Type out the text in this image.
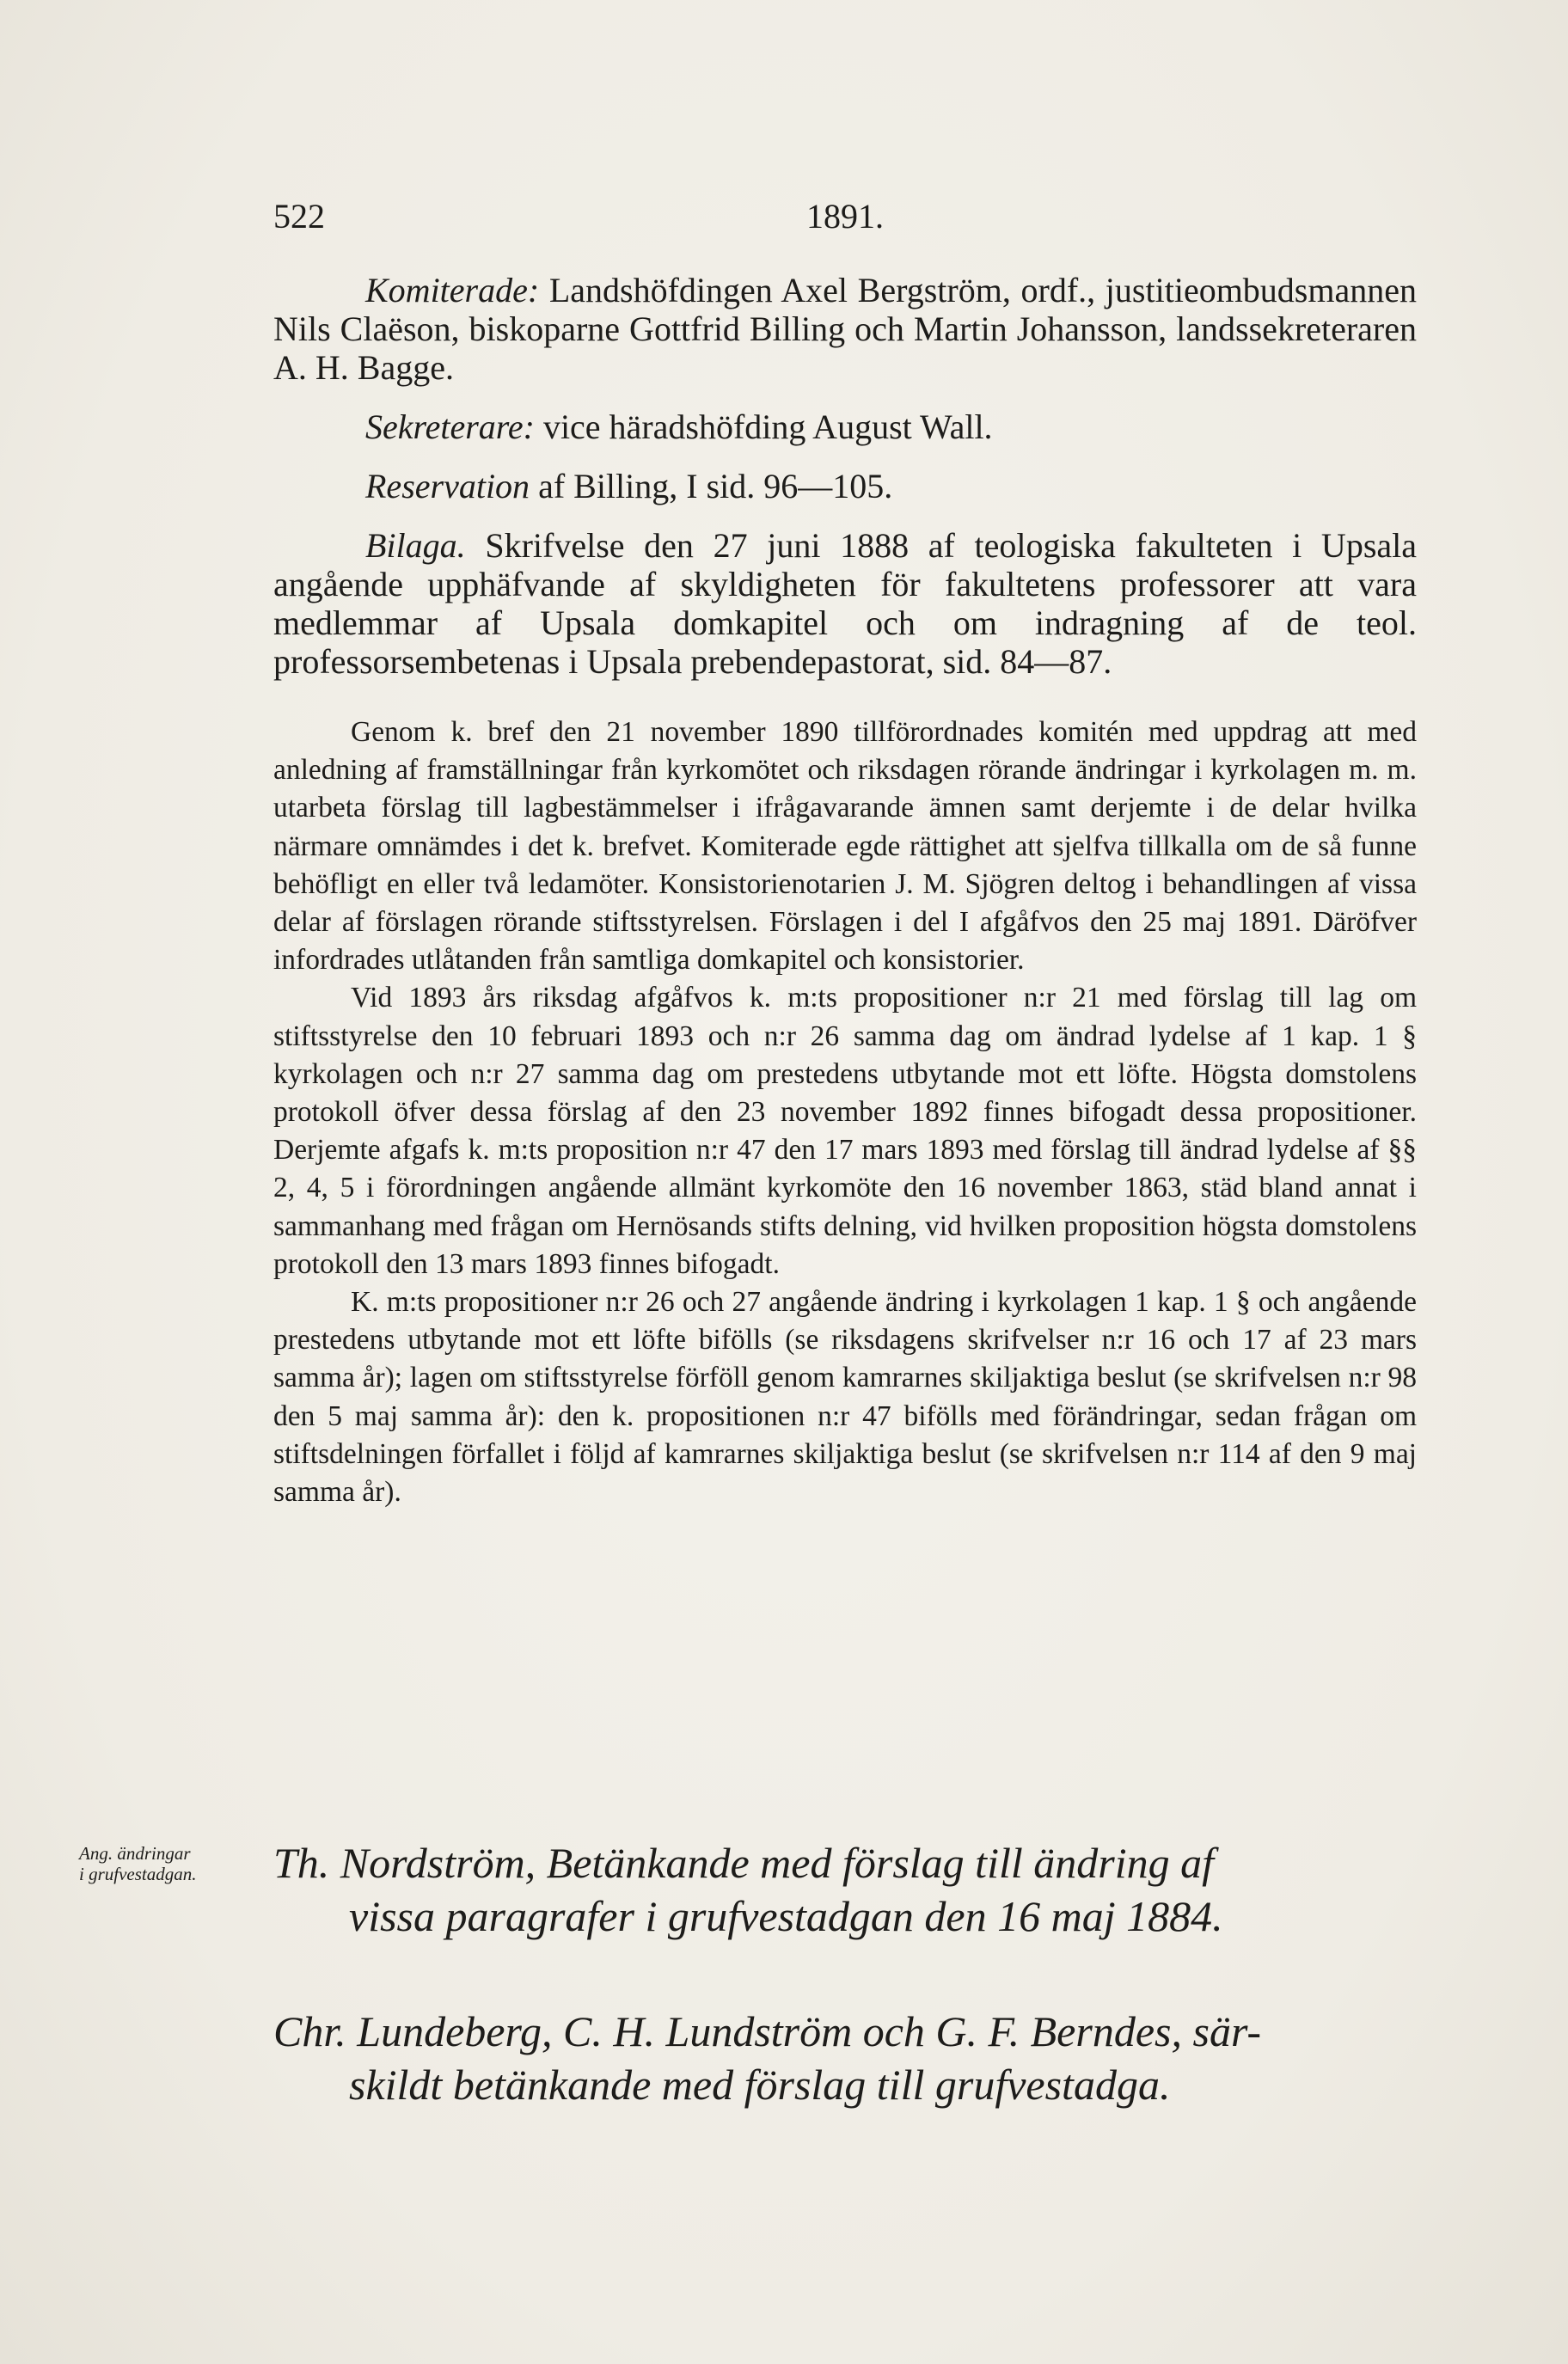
522	1891.

Komiterade: Landshöfdingen Axel Bergström, ordf., justitieombudsmannen Nils Claëson, biskoparne Gottfrid Billing och Martin Johansson, landssekreteraren A. H. Bagge.

Sekreterare: vice häradshöfding August Wall.

Reservation af Billing, I sid. 96—105.

Bilaga. Skrifvelse den 27 juni 1888 af teologiska fakulteten i Upsala angående upphäfvande af skyldigheten för fakultetens professorer att vara medlemmar af Upsala domkapitel och om indragning af de teol. professorsembetenas i Upsala prebendepastorat, sid. 84—87.

Genom k. bref den 21 november 1890 tillförordnades komitén med uppdrag att med anledning af framställningar från kyrkomötet och riksdagen rörande ändringar i kyrkolagen m. m. utarbeta förslag till lagbestämmelser i ifrågavarande ämnen samt derjemte i de delar hvilka närmare omnämdes i det k. brefvet. Komiterade egde rättighet att sjelfva tillkalla om de så funne behöfligt en eller två ledamöter. Konsistorienotarien J. M. Sjögren deltog i behandlingen af vissa delar af förslagen rörande stiftsstyrelsen. Förslagen i del I afgåfvos den 25 maj 1891. Däröfver infordrades utlåtanden från samtliga domkapitel och konsistorier.

Vid 1893 års riksdag afgåfvos k. m:ts propositioner n:r 21 med förslag till lag om stiftsstyrelse den 10 februari 1893 och n:r 26 samma dag om ändrad lydelse af 1 kap. 1 § kyrkolagen och n:r 27 samma dag om prestedens utbytande mot ett löfte. Högsta domstolens protokoll öfver dessa förslag af den 23 november 1892 finnes bifogadt dessa propositioner. Derjemte afgafs k. m:ts proposition n:r 47 den 17 mars 1893 med förslag till ändrad lydelse af §§ 2, 4, 5 i förordningen angående allmänt kyrkomöte den 16 november 1863, städ bland annat i sammanhang med frågan om Hernösands stifts delning, vid hvilken proposition högsta domstolens protokoll den 13 mars 1893 finnes bifogadt.

K. m:ts propositioner n:r 26 och 27 angående ändring i kyrkolagen 1 kap. 1 § och angående prestedens utbytande mot ett löfte bifölls (se riksdagens skrifvelser n:r 16 och 17 af 23 mars samma år); lagen om stiftsstyrelse förföll genom kamrarnes skiljaktiga beslut (se skrifvelsen n:r 98 den 5 maj samma år): den k. propositionen n:r 47 bifölls med förändringar, sedan frågan om stiftsdelningen förfallet i följd af kamrarnes skiljaktiga beslut (se skrifvelsen n:r 114 af den 9 maj samma år).

Ang. ändringar
i grufvestadgan.	Th. Nordström, Betänkande med förslag till ändring af
vissa paragrafer i grufvestadgan den 16 maj 1884.
Chr. Lundeberg, C. H. Lundström och G. F. Berndes, sär-
skildt betänkande med förslag till grufvestadga.
